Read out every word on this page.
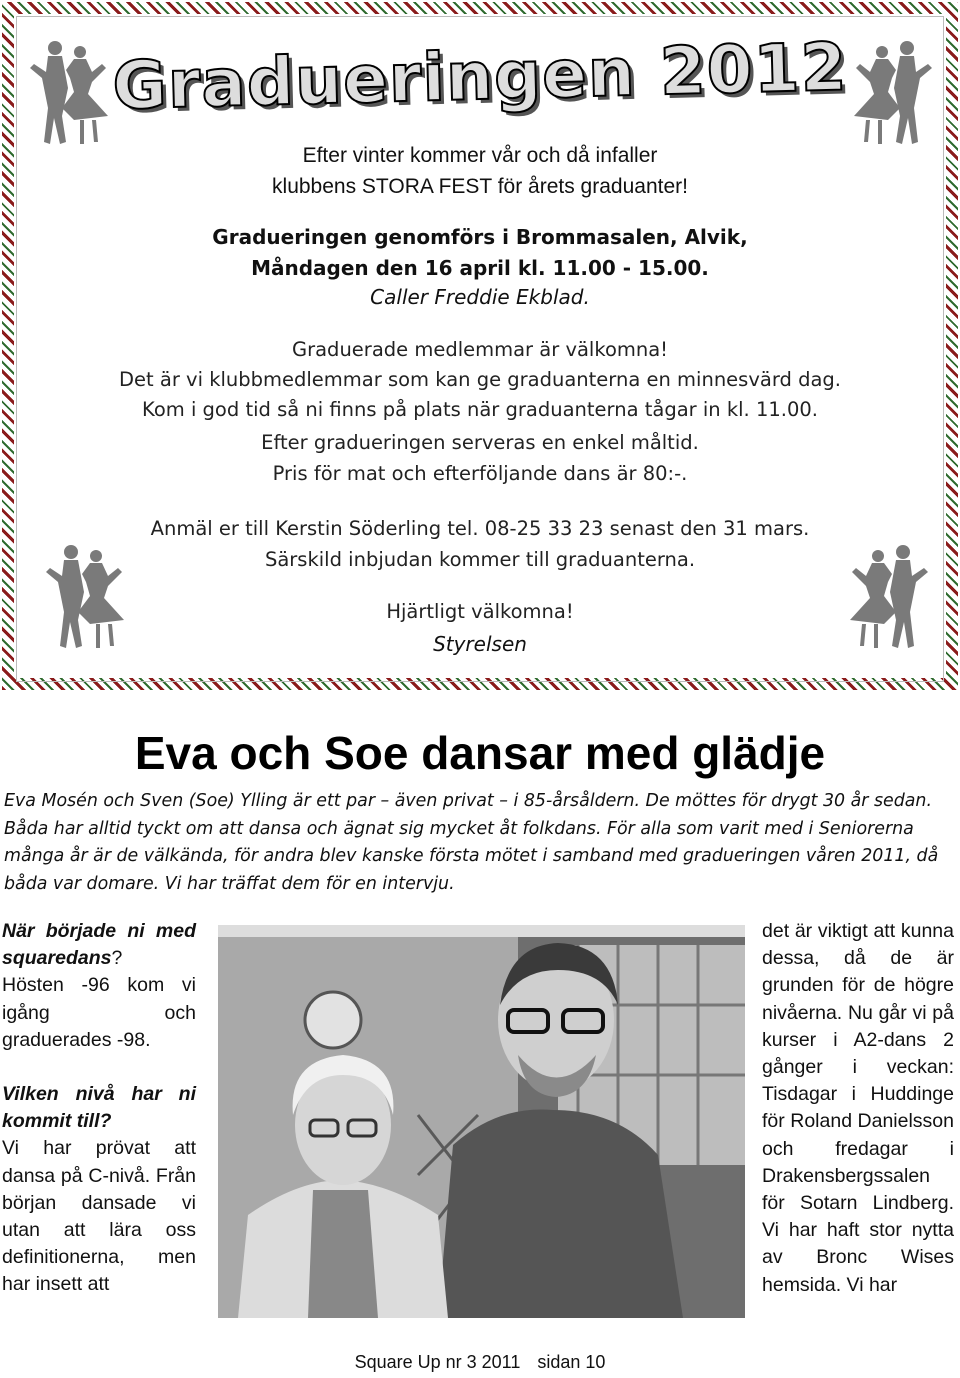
Gradueringen 2012
Efter vinter kommer vår och då infaller
klubbens STORA FEST för årets graduanter!
Gradueringen genomförs i Brommasalen, Alvik,
Måndagen den 16 april kl. 11.00 - 15.00.
Caller Freddie Ekblad.
Graduerade medlemmar är välkomna!
Det är vi klubbmedlemmar som kan ge graduanterna en minnesvärd dag.
Kom i god tid så ni finns på plats när graduanterna tågar in kl. 11.00.
Efter gradueringen serveras en enkel måltid.
Pris för mat och efterföljande dans är 80:-.
Anmäl er till Kerstin Söderling tel. 08-25 33 23 senast den 31 mars.
Särskild inbjudan kommer till graduanterna.
Hjärtligt välkomna!
Styrelsen
Eva och Soe dansar med glädje
Eva Mosén och Sven (Soe) Ylling är ett par – även privat – i 85-årsåldern. De möttes för drygt 30 år sedan. Båda har alltid tyckt om att dansa och ägnat sig mycket åt folkdans. För alla som varit med i Seniorerna många år är de välkända, för andra blev kanske första mötet i samband med gradueringen våren 2011, då båda var domare. Vi har träffat dem för en intervju.
När började ni med squaredans?
Hösten -96 kom vi igång och graduerades -98.
Vilken nivå har ni kommit till?
Vi har prövat att dansa på C-nivå. Från början dansade vi utan att lära oss definitionerna, men har insett att
det är viktigt att kunna dessa, då de är grunden för de högre nivåerna. Nu går vi på kurser i A2-dans 2 gånger i veckan: Tisdagar i Huddinge för Roland Danielsson och fredagar i Drakensbergssalen för Sotarn Lindberg. Vi har haft stor nytta av Bronc Wises hemsida. Vi har
Square Up nr 3 2011 sidan 10
